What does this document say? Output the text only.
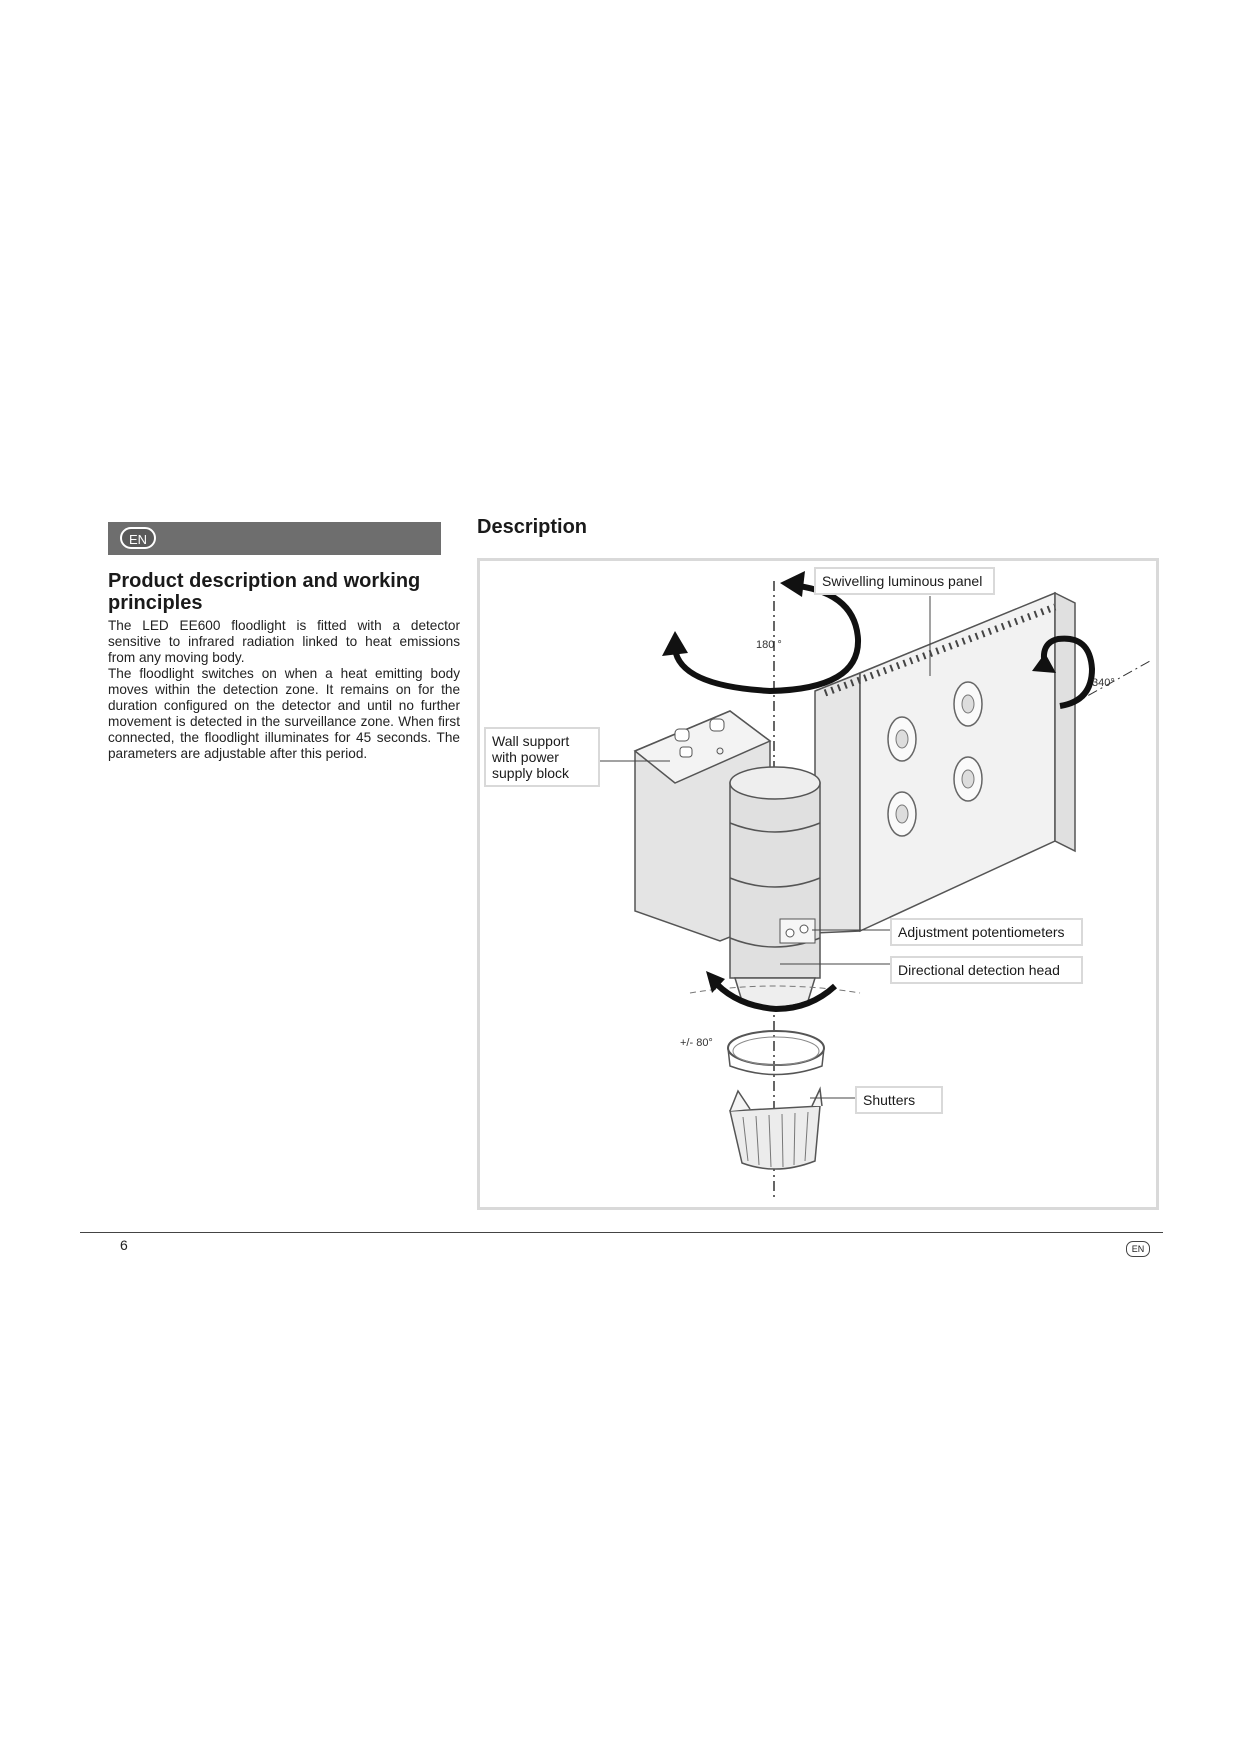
EN
Product description and working principles

The LED EE600 floodlight is fitted with a detector sensitive to infrared radiation linked to heat emissions from any moving body.

The floodlight switches on when a heat emitting body moves within the detection zone. It remains on for the duration configured on the detector and until no further movement is detected in the surveillance zone. When first connected, the floodlight illuminates for 45 seconds. The parameters are adjustable after this period.

Description
Swivelling luminous panel
Wall support
with power
supply block
Adjustment potentiometers
Directional detection head
Shutters
180 °
340°
+/- 80°
6	EN
